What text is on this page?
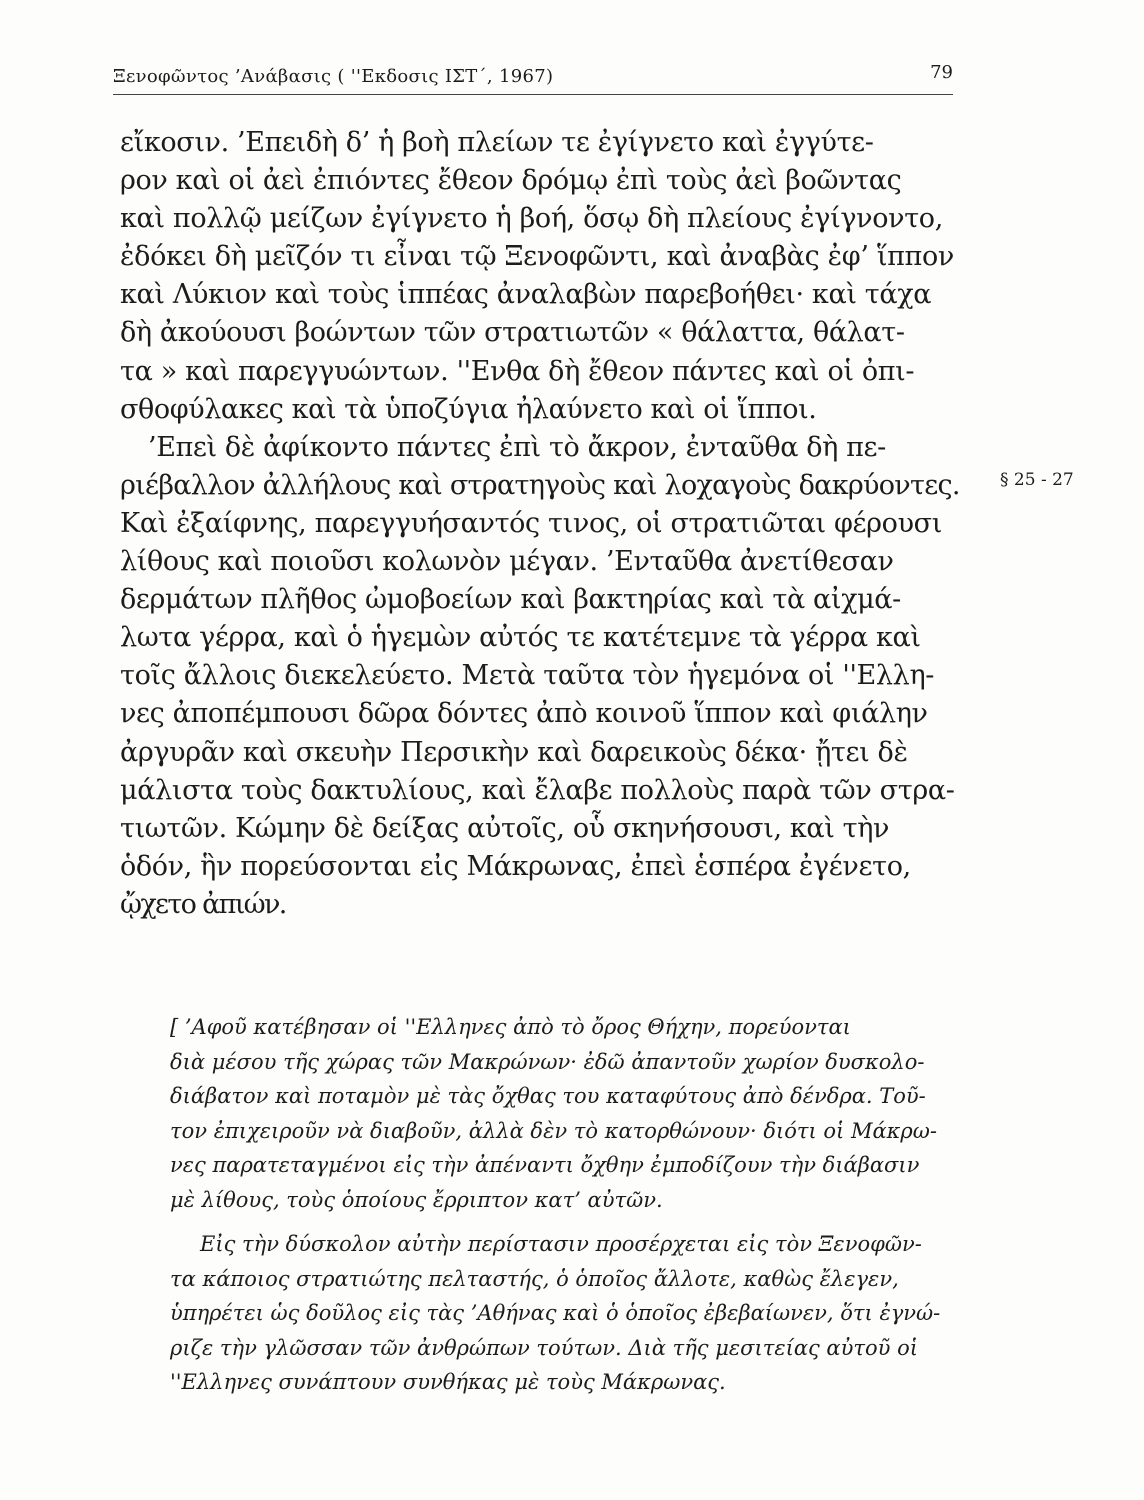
Ξενοφῶντος ’Ανάβασις ( ''Εκδοσις ΙΣΤ΄, 1967)	79
εἴκοσιν. ’Επειδὴ δ’ ἡ βοὴ πλείων τε ἐγίγνετο καὶ ἐγγύτε-
ρον καὶ οἱ ἀεὶ ἐπιόντες ἔθεον δρόμῳ ἐπὶ τοὺς ἀεὶ βοῶντας
καὶ πολλῷ μείζων ἐγίγνετο ἡ βοή, ὅσῳ δὴ πλείους ἐγίγνοντο,
ἐδόκει δὴ μεῖζόν τι εἶναι τῷ Ξενοφῶντι, καὶ ἀναβὰς ἐφ’ ἵππον
καὶ Λύκιον καὶ τοὺς ἱππέας ἀναλαβὼν παρεβοήθει· καὶ τάχα
δὴ ἀκούουσι βοώντων τῶν στρατιωτῶν « θάλαττα, θάλατ-
τα » καὶ παρεγγυώντων. ''Ενθα δὴ ἔθεον πάντες καὶ οἱ ὀπι-
σθοφύλακες καὶ τὰ ὑποζύγια ἠλαύνετο καὶ οἱ ἵπποι.
’Επεὶ δὲ ἀφίκοντο πάντες ἐπὶ τὸ ἄκρον, ἐνταῦθα δὴ πε-
ριέβαλλον ἀλλήλους καὶ στρατηγοὺς καὶ λοχαγοὺς δακρύοντες.
Καὶ ἐξαίφνης, παρεγγυήσαντός τινος, οἱ στρατιῶται φέρουσι
λίθους καὶ ποιοῦσι κολωνὸν μέγαν. ’Ενταῦθα ἀνετίθεσαν
δερμάτων πλῆθος ὠμοβοείων καὶ βακτηρίας καὶ τὰ αἰχμά-
λωτα γέρρα, καὶ ὁ ἡγεμὼν αὐτός τε κατέτεμνε τὰ γέρρα καὶ
τοῖς ἄλλοις διεκελεύετο. Μετὰ ταῦτα τὸν ἡγεμόνα οἱ ''Ελλη-
νες ἀποπέμπουσι δῶρα δόντες ἀπὸ κοινοῦ ἵππον καὶ φιάλην
ἀργυρᾶν καὶ σκευὴν Περσικὴν καὶ δαρεικοὺς δέκα· ᾔτει δὲ
μάλιστα τοὺς δακτυλίους, καὶ ἔλαβε πολλοὺς παρὰ τῶν στρα-
τιωτῶν. Κώμην δὲ δείξας αὐτοῖς, οὗ σκηνήσουσι, καὶ τὴν
ὁδόν, ἣν πορεύσονται εἰς Μάκρωνας, ἐπεὶ ἑσπέρα ἐγένετο,
ᾤχετο ἀπιών.
§ 25 - 27
[ ’Αφοῦ κατέβησαν οἱ ''Ελληνες ἀπὸ τὸ ὄρος Θήχην, πορεύονται
διὰ μέσου τῆς χώρας τῶν Μακρώνων· ἐδῶ ἀπαντοῦν χωρίον δυσκολο-
διάβατον καὶ ποταμὸν μὲ τὰς ὄχθας του καταφύτους ἀπὸ δένδρα. Τοῦ-
τον ἐπιχειροῦν νὰ διαβοῦν, ἀλλὰ δὲν τὸ κατορθώνουν· διότι οἱ Μάκρω-
νες παρατεταγμένοι εἰς τὴν ἀπέναντι ὄχθην ἐμποδίζουν τὴν διάβασιν
μὲ λίθους, τοὺς ὁποίους ἔρριπτον κατ’ αὐτῶν.
Εἰς τὴν δύσκολον αὐτὴν περίστασιν προσέρχεται εἰς τὸν Ξενοφῶν-
τα κάποιος στρατιώτης πελταστής, ὁ ὁποῖος ἄλλοτε, καθὼς ἔλεγεν,
ὑπηρέτει ὡς δοῦλος εἰς τὰς ’Αθήνας καὶ ὁ ὁποῖος ἐβεβαίωνεν, ὅτι ἐγνώ-
ριζε τὴν γλῶσσαν τῶν ἀνθρώπων τούτων. Διὰ τῆς μεσιτείας αὐτοῦ οἱ
''Ελληνες συνάπτουν συνθήκας μὲ τοὺς Μάκρωνας.
